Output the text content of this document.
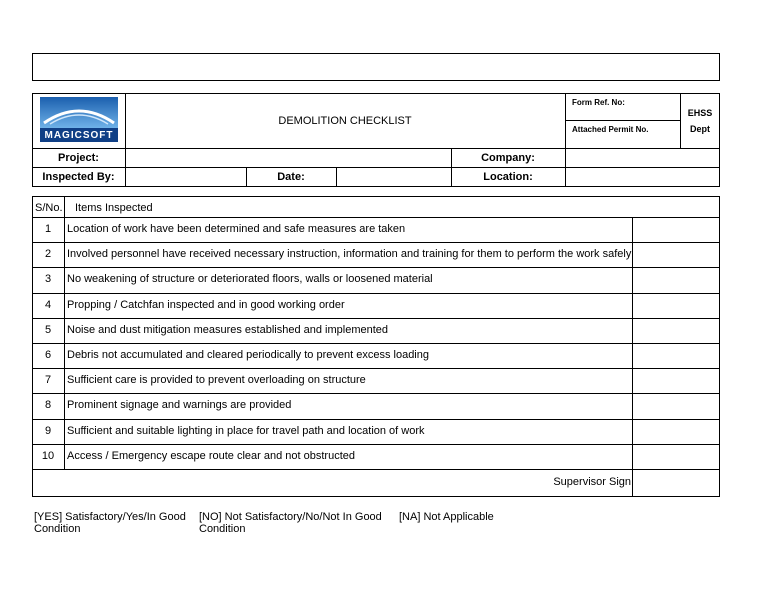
MAGICSOFT
DEMOLITION CHECKLIST
Form Ref. No:
Attached Permit No.
EHSS
Dept
Project:	Company:
Inspected By:	Date:	Location:
S/No. Items Inspected
1	Location of work have been determined and safe measures are taken
2	Involved personnel have received necessary instruction, information and training for them to perform the work safely
3	No weakening of structure or deteriorated floors, walls or loosened material
4	Propping / Catchfan inspected and in good working order
5	Noise and dust mitigation measures established and implemented
6	Debris not accumulated and cleared periodically to prevent excess loading
7	Sufficient care is provided to prevent overloading on structure
8	Prominent signage and warnings are provided
9	Sufficient and suitable lighting in place for travel path and location of work
10	Access / Emergency escape route clear and not obstructed
Supervisor Sign
[YES] Satisfactory/Yes/In Good
Condition
[NO] Not Satisfactory/No/Not In Good
Condition
[NA] Not Applicable
